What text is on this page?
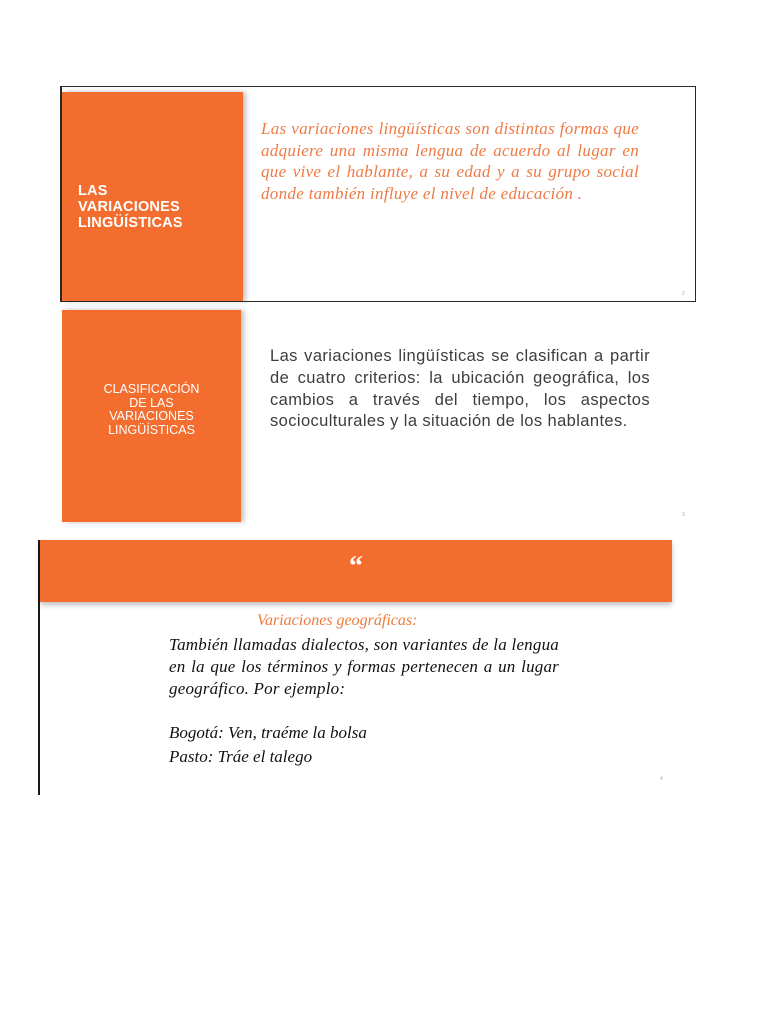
LAS
VARIACIONES
LINGÜÍSTICAS
Las variaciones lingüísticas son distintas formas que adquiere una misma lengua de acuerdo al lugar en que vive el hablante, a su edad y a su grupo social donde también influye el nivel de educación .
2
CLASIFICACIÓN
DE LAS
VARIACIONES
LINGÜÍSTICAS
Las variaciones lingüísticas se clasifican a partir de cuatro criterios: la ubicación geográfica, los cambios a través del tiempo, los aspectos socioculturales y la situación de los hablantes.
3
“
Variaciones geográficas:
También llamadas dialectos, son variantes de la lengua en la que los términos y formas pertenecen a un lugar geográfico. Por ejemplo:
Bogotá: Ven, traéme la bolsa
Pasto: Tráe el talego
4
